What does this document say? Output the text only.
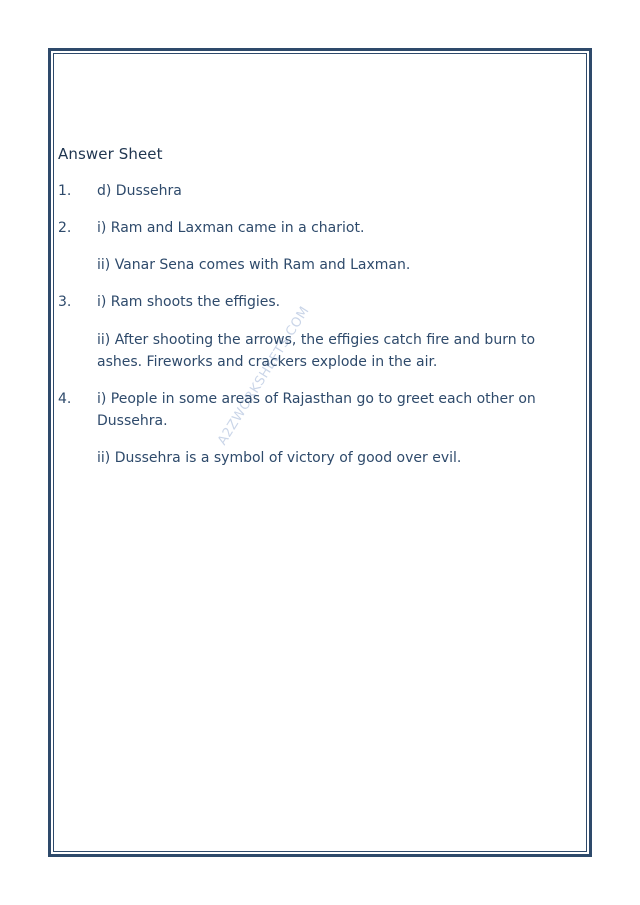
A2ZWORKSHEETS.COM
Answer Sheet
1. d) Dussehra
2. i) Ram and Laxman came in a chariot.
ii) Vanar Sena comes with Ram and Laxman.
3. i) Ram shoots the effigies.
ii) After shooting the arrows, the effigies catch fire and burn to ashes. Fireworks and crackers explode in the air.
4. i) People in some areas of Rajasthan go to greet each other on Dussehra.
ii) Dussehra is a symbol of victory of good over evil.
